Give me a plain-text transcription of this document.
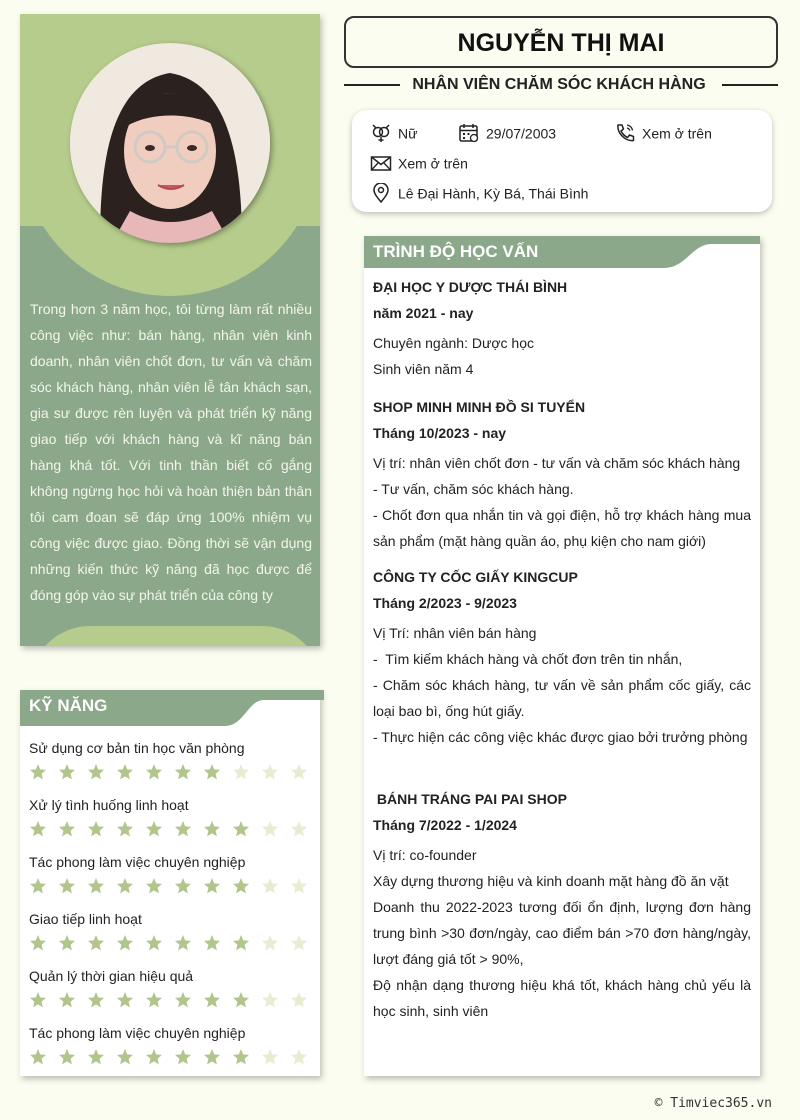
Trong hơn 3 năm học, tôi từng làm rất nhiều công việc như: bán hàng, nhân viên kinh doanh, nhân viên chốt đơn, tư vấn và chăm sóc khách hàng, nhân viên lễ tân khách sạn, gia sư được rèn luyện và phát triển kỹ năng giao tiếp với khách hàng và kĩ năng bán hàng khá tốt. Với tinh thần biết cố gắng không ngừng học hỏi và hoàn thiện bản thân tôi cam đoan sẽ đáp ứng 100% nhiệm vụ công việc được giao. Đồng thời sẽ vận dụng những kiến thức kỹ năng đã học được để đóng góp vào sự phát triển của công ty

KỸ NĂNG
Sử dụng cơ bản tin học văn phòng
Xử lý tình huống linh hoạt
Tác phong làm việc chuyên nghiệp
Giao tiếp linh hoạt
Quản lý thời gian hiệu quả
Tác phong làm việc chuyên nghiệp
NGUYỄN THỊ MAI
NHÂN VIÊN CHĂM SÓC KHÁCH HÀNG
Nữ	29/07/2003	Xem ở trên
Xem ở trên
Lê Đại Hành, Kỳ Bá, Thái Bình
TRÌNH ĐỘ HỌC VẤN
ĐẠI HỌC Y DƯỢC THÁI BÌNH
năm 2021 - nay

Chuyên ngành: Dược học

Sinh viên năm 4

SHOP MINH MINH ĐỒ SI TUYỂN
Tháng 10/2023 - nay

Vị trí: nhân viên chốt đơn - tư vấn và chăm sóc khách hàng

- Tư vấn, chăm sóc khách hàng.

- Chốt đơn qua nhắn tin và gọi điện, hỗ trợ khách hàng mua sản phẩm (mặt hàng quần áo, phụ kiện cho nam giới)

CÔNG TY CỐC GIẤY KINGCUP
Tháng 2/2023 - 9/2023

Vị Trí: nhân viên bán hàng

-  Tìm kiếm khách hàng và chốt đơn trên tin nhắn,

- Chăm sóc khách hàng, tư vấn về sản phẩm cốc giấy, các loại bao bì, ống hút giấy.

- Thực hiện các công việc khác được giao bởi trưởng phòng

BÁNH TRÁNG PAI PAI SHOP
Tháng 7/2022 - 1/2024

Vị trí: co-founder

Xây dựng thương hiệu và kinh doanh mặt hàng đồ ăn vặt

Doanh thu 2022-2023 tương đối ổn định, lượng đơn hàng trung bình >30 đơn/ngày, cao điểm bán >70 đơn hàng/ngày, lượt đáng giá tốt > 90%,

Độ nhận dạng thương hiệu khá tốt, khách hàng chủ yếu là học sinh, sinh viên

© Timviec365.vn
